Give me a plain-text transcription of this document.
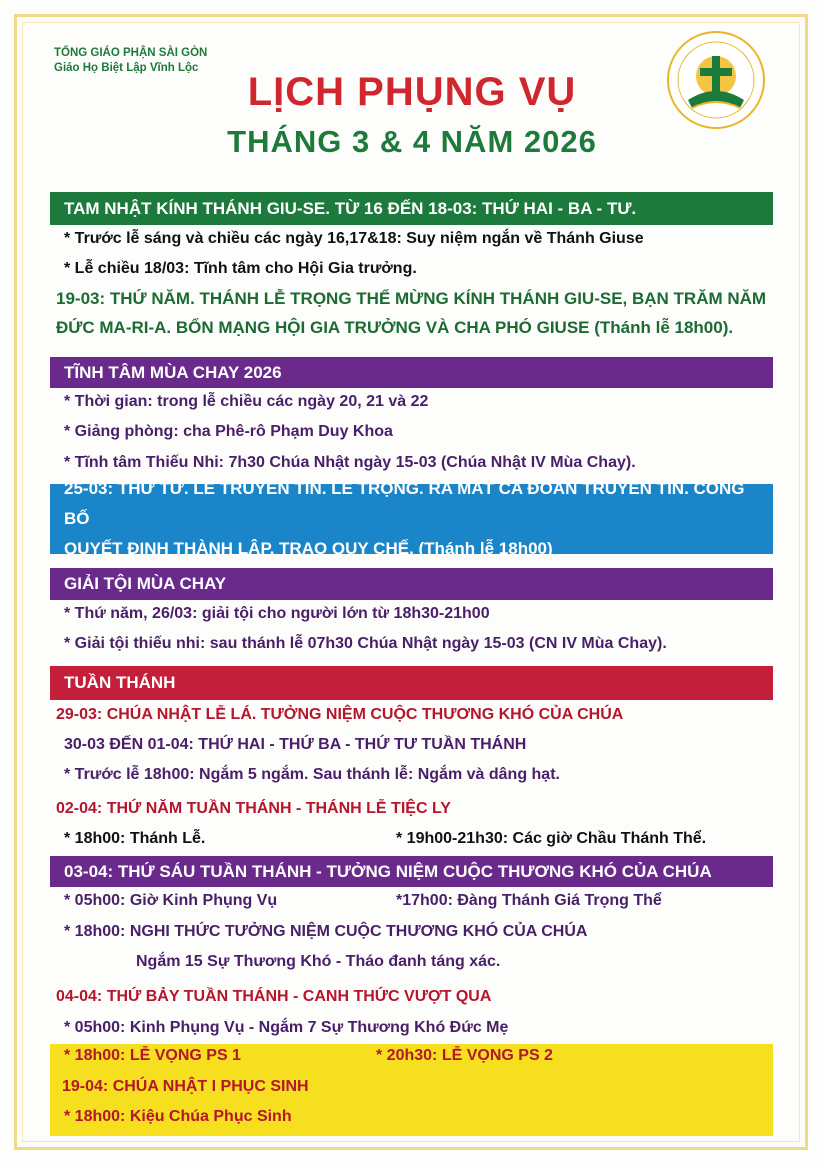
TỔNG GIÁO PHẬN SÀI GÒN
Giáo Họ Biệt Lập Vĩnh Lộc
LỊCH PHỤNG VỤ
THÁNG 3 & 4 NĂM 2026
TAM NHẬT KÍNH THÁNH GIU-SE. TỪ 16 ĐẾN 18-03: THỨ HAI - BA - TƯ.
* Trước lễ sáng và chiều các ngày 16,17&18: Suy niệm ngắn về Thánh Giuse
* Lễ chiều 18/03: Tĩnh tâm cho Hội Gia trưởng.
19-03: THỨ NĂM. THÁNH LỄ TRỌNG THỂ MỪNG KÍNH THÁNH GIU-SE, BẠN TRĂM NĂM
ĐỨC MA-RI-A. BỔN MẠNG HỘI GIA TRƯỞNG VÀ CHA PHÓ GIUSE (Thánh lễ 18h00).
TĨNH TÂM MÙA CHAY 2026
* Thời gian: trong lễ chiều các ngày 20, 21 và 22
* Giảng phòng: cha Phê-rô Phạm Duy Khoa
* Tĩnh tâm Thiếu Nhi: 7h30 Chúa Nhật ngày 15-03 (Chúa Nhật IV Mùa Chay).
25-03: THỨ TƯ. LỄ TRUYỀN TIN. LỄ TRỌNG. RA MẮT CA ĐOÀN TRUYỀN TIN. CÔNG BỐ
QUYẾT ĐỊNH THÀNH LẬP, TRAO QUY CHẾ. (Thánh lễ 18h00)
GIẢI TỘI MÙA CHAY
* Thứ năm, 26/03: giải tội cho người lớn từ 18h30-21h00
* Giải tội thiếu nhi: sau thánh lễ 07h30 Chúa Nhật ngày 15-03 (CN IV Mùa Chay).
TUẦN THÁNH
29-03: CHÚA NHẬT LỄ LÁ. TƯỞNG NIỆM CUỘC THƯƠNG KHÓ CỦA CHÚA
30-03 ĐẾN 01-04: THỨ HAI - THỨ BA - THỨ TƯ TUẦN THÁNH
* Trước lễ 18h00: Ngắm 5 ngắm. Sau thánh lễ: Ngắm và dâng hạt.
02-04: THỨ NĂM TUẦN THÁNH - THÁNH LỄ TIỆC LY
* 18h00: Thánh Lễ.	* 19h00-21h30: Các giờ Chầu Thánh Thể.
03-04: THỨ SÁU TUẦN THÁNH - TƯỞNG NIỆM CUỘC THƯƠNG KHÓ CỦA CHÚA
* 05h00: Giờ Kinh Phụng Vụ	*17h00: Đàng Thánh Giá Trọng Thể
* 18h00: NGHI THỨC TƯỞNG NIỆM CUỘC THƯƠNG KHÓ CỦA CHÚA
Ngắm 15 Sự Thương Khó - Tháo đanh táng xác.
04-04: THỨ BẢY TUẦN THÁNH - CANH THỨC VƯỢT QUA
* 05h00: Kinh Phụng Vụ - Ngắm 7 Sự Thương Khó Đức Mẹ
* 18h00: LỄ VỌNG PS 1	* 20h30: LỄ VỌNG PS 2
19-04: CHÚA NHẬT I PHỤC SINH
* 18h00: Kiệu Chúa Phục Sinh
